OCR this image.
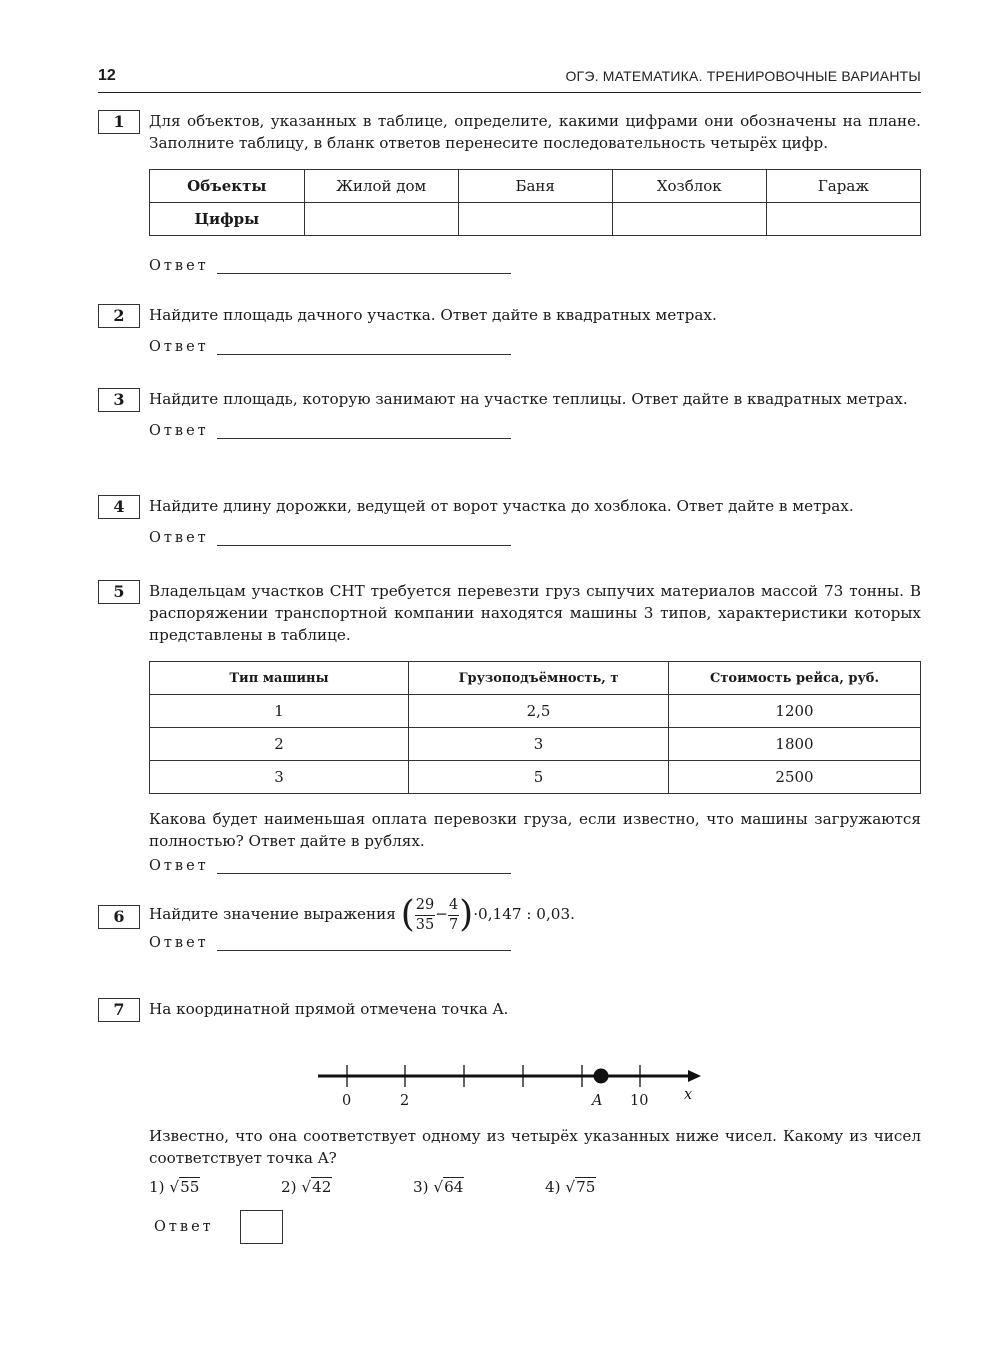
12	ОГЭ. МАТЕМАТИКА. ТРЕНИРОВОЧНЫЕ ВАРИАНТЫ
1	Для объектов, указанных в таблице, определите, какими цифрами они обозначены на плане. Заполните таблицу, в бланк ответов перенесите последовательность четырёх цифр.
Объекты	Жилой дом	Баня	Хозблок	Гараж
Цифры				
Ответ
2	Найдите площадь дачного участка. Ответ дайте в квадратных метрах.
Ответ
3	Найдите площадь, которую занимают на участке теплицы. Ответ дайте в квадратных метрах.
Ответ
4	Найдите длину дорожки, ведущей от ворот участка до хозблока. Ответ дайте в метрах.
Ответ
5	Владельцам участков СНТ требуется перевезти груз сыпучих материалов массой 73 тонны. В распоряжении транспортной компании находятся машины 3 типов, характеристики которых представлены в таблице.
Тип машины	Грузоподъёмность, т	Стоимость рейса, руб.
1	2,5	1200
2	3	1800
3	5	2500
Какова будет наименьшая оплата перевозки груза, если известно, что машины загружаются полностью? Ответ дайте в рублях.
Ответ
6	Найдите значение выражения ( $\frac{29}{35} - \frac{4}{7} )\cdot 0,147$ : 0,03.
Ответ
7	На координатной прямой отмечена точка A.
0	2	A 10 x
Известно, что она соответствует одному из четырёх указанных ниже чисел. Какому из чисел соответствует точка A?
1) √55	2) √42	3) √64	4) √75
Ответ
